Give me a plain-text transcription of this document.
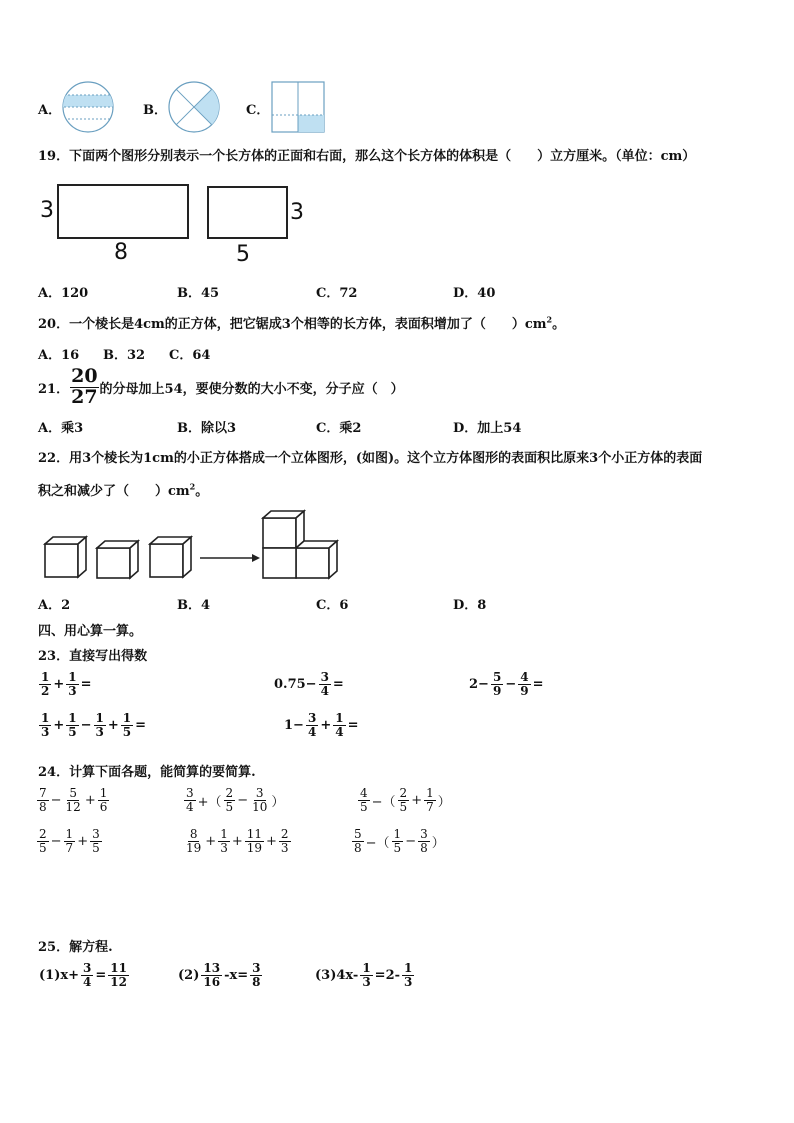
A．	B．	C．
19．下面两个图形分别表示一个长方体的正面和右面，那么这个长方体的体积是（　　）立方厘米。（单位：cm）
3
8
3
5
A．120	B．45	C．72	D．40
20．一个棱长是4cm的正方体，把它锯成3个相等的长方体，表面积增加了（　　）$cm^2$。
A．16 B．32 C．64
21． $\frac{20}{27}$ 的分母加上54，要使分数的大小不变，分子应（　）
A．乘3	B．除以3	C．乘2	D．加上54
22．用3个棱长为1cm的小正方体搭成一个立体图形，(如图)。这个立方体图形的表面积比原来3个小正方体的表面
积之和减少了（　　）$cm^2$。
A．2	B．4	C．6	D．8
四、用心算一算。
23．直接写出得数
$\frac{1}{2} + \frac{1}{3}$ =	$0.75- \frac{3}{4}$ =	$2- \frac{5}{9} - \frac{4}{9}$ =
$\frac{1}{3} + \frac{1}{5} - \frac{1}{3} + \frac{1}{5}$ =	$1- \frac{3}{4} + \frac{1}{4}$ =
24．计算下面各题，能简算的要简算.
$\frac{7}{8} - \frac{5}{12} + \frac{1}{6}$	$\frac{3}{4}$ +（ $\frac{2}{5} - \frac{3}{10}$ ）	$\frac{4}{5}$ −（ $\frac{2}{5} + \frac{1}{7}$ ）
$\frac{2}{5} - \frac{1}{7} + \frac{3}{5}$	$\frac{8}{19} + \frac{1}{3} + \frac{11}{19} + \frac{2}{3}$	$\frac{5}{8}$ −（ $\frac{1}{5} - \frac{3}{8}$ ）
25．解方程.
$(1)x+ \frac{3}{4} = \frac{11}{12}$	$(2) \frac{13}{16} -x= \frac{3}{8}$	$(3)4x- \frac{1}{3} =2- \frac{1}{3}$
